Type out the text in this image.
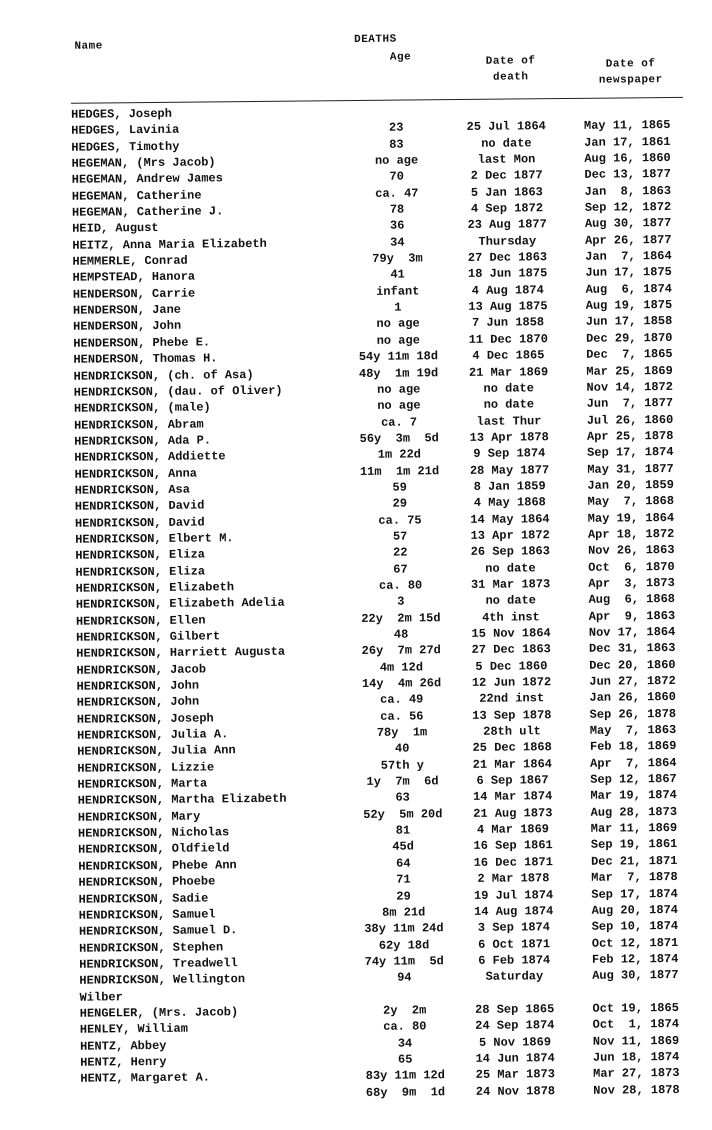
Name
DEATHS
Age	Date of
death
Date of
newspaper
HEDGES, Joseph
HEDGES, Lavinia	23	25 Jul 1864	May 11, 1865
HEDGES, Timothy	83	no date	Jan 17, 1861
HEGEMAN, (Mrs Jacob)	no age	last Mon	Aug 16, 1860
HEGEMAN, Andrew James	70	2 Dec 1877	Dec 13, 1877
HEGEMAN, Catherine	ca. 47	5 Jan 1863	Jan  8, 1863
HEGEMAN, Catherine J.	78	4 Sep 1872	Sep 12, 1872
HEID, August	36	23 Aug 1877	Aug 30, 1877
HEITZ, Anna Maria Elizabeth	34	Thursday	Apr 26, 1877
HEMMERLE, Conrad	79y  3m	27 Dec 1863	Jan  7, 1864
HEMPSTEAD, Hanora	41	18 Jun 1875	Jun 17, 1875
HENDERSON, Carrie	infant	4 Aug 1874	Aug  6, 1874
HENDERSON, Jane	1	13 Aug 1875	Aug 19, 1875
HENDERSON, John	no age	7 Jun 1858	Jun 17, 1858
HENDERSON, Phebe E.	no age	11 Dec 1870	Dec 29, 1870
HENDERSON, Thomas H.	54y 11m 18d	4 Dec 1865	Dec  7, 1865
HENDRICKSON, (ch. of Asa)	48y  1m 19d	21 Mar 1869	Mar 25, 1869
HENDRICKSON, (dau. of Oliver)	no age	no date	Nov 14, 1872
HENDRICKSON, (male)	no age	no date	Jun  7, 1877
HENDRICKSON, Abram	ca. 7	last Thur	Jul 26, 1860
HENDRICKSON, Ada P.	56y  3m  5d	13 Apr 1878	Apr 25, 1878
HENDRICKSON, Addiette	1m 22d	9 Sep 1874	Sep 17, 1874
HENDRICKSON, Anna	11m  1m 21d	28 May 1877	May 31, 1877
HENDRICKSON, Asa	59	8 Jan 1859	Jan 20, 1859
HENDRICKSON, David	29	4 May 1868	May  7, 1868
HENDRICKSON, David	ca. 75	14 May 1864	May 19, 1864
HENDRICKSON, Elbert M.	57	13 Apr 1872	Apr 18, 1872
HENDRICKSON, Eliza	22	26 Sep 1863	Nov 26, 1863
HENDRICKSON, Eliza	67	no date	Oct  6, 1870
HENDRICKSON, Elizabeth	ca. 80	31 Mar 1873	Apr  3, 1873
HENDRICKSON, Elizabeth Adelia	3	no date	Aug  6, 1868
HENDRICKSON, Ellen	22y  2m 15d	4th inst	Apr  9, 1863
HENDRICKSON, Gilbert	48	15 Nov 1864	Nov 17, 1864
HENDRICKSON, Harriett Augusta	26y  7m 27d	27 Dec 1863	Dec 31, 1863
HENDRICKSON, Jacob	4m 12d	5 Dec 1860	Dec 20, 1860
HENDRICKSON, John	14y  4m 26d	12 Jun 1872	Jun 27, 1872
HENDRICKSON, John	ca. 49	22nd inst	Jan 26, 1860
HENDRICKSON, Joseph	ca. 56	13 Sep 1878	Sep 26, 1878
HENDRICKSON, Julia A.	78y  1m	28th ult	May  7, 1863
HENDRICKSON, Julia Ann	40	25 Dec 1868	Feb 18, 1869
HENDRICKSON, Lizzie	57th y	21 Mar 1864	Apr  7, 1864
HENDRICKSON, Marta	1y  7m  6d	6 Sep 1867	Sep 12, 1867
HENDRICKSON, Martha Elizabeth	63	14 Mar 1874	Mar 19, 1874
HENDRICKSON, Mary	52y  5m 20d	21 Aug 1873	Aug 28, 1873
HENDRICKSON, Nicholas	81	4 Mar 1869	Mar 11, 1869
HENDRICKSON, Oldfield	45d	16 Sep 1861	Sep 19, 1861
HENDRICKSON, Phebe Ann	64	16 Dec 1871	Dec 21, 1871
HENDRICKSON, Phoebe	71	2 Mar 1878	Mar  7, 1878
HENDRICKSON, Sadie	29	19 Jul 1874	Sep 17, 1874
HENDRICKSON, Samuel	8m 21d	14 Aug 1874	Aug 20, 1874
HENDRICKSON, Samuel D.	38y 11m 24d	3 Sep 1874	Sep 10, 1874
HENDRICKSON, Stephen	62y 18d	6 Oct 1871	Oct 12, 1871
HENDRICKSON, Treadwell	74y 11m  5d	6 Feb 1874	Feb 12, 1874
HENDRICKSON, Wellington	94	Saturday	Aug 30, 1877
Wilber
HENGELER, (Mrs. Jacob)	2y  2m	28 Sep 1865	Oct 19, 1865
HENLEY, William	ca. 80	24 Sep 1874	Oct  1, 1874
HENTZ, Abbey	34	5 Nov 1869	Nov 11, 1869
HENTZ, Henry	65	14 Jun 1874	Jun 18, 1874
HENTZ, Margaret A.	83y 11m 12d	25 Mar 1873	Mar 27, 1873
68y  9m  1d	24 Nov 1878	Nov 28, 1878
